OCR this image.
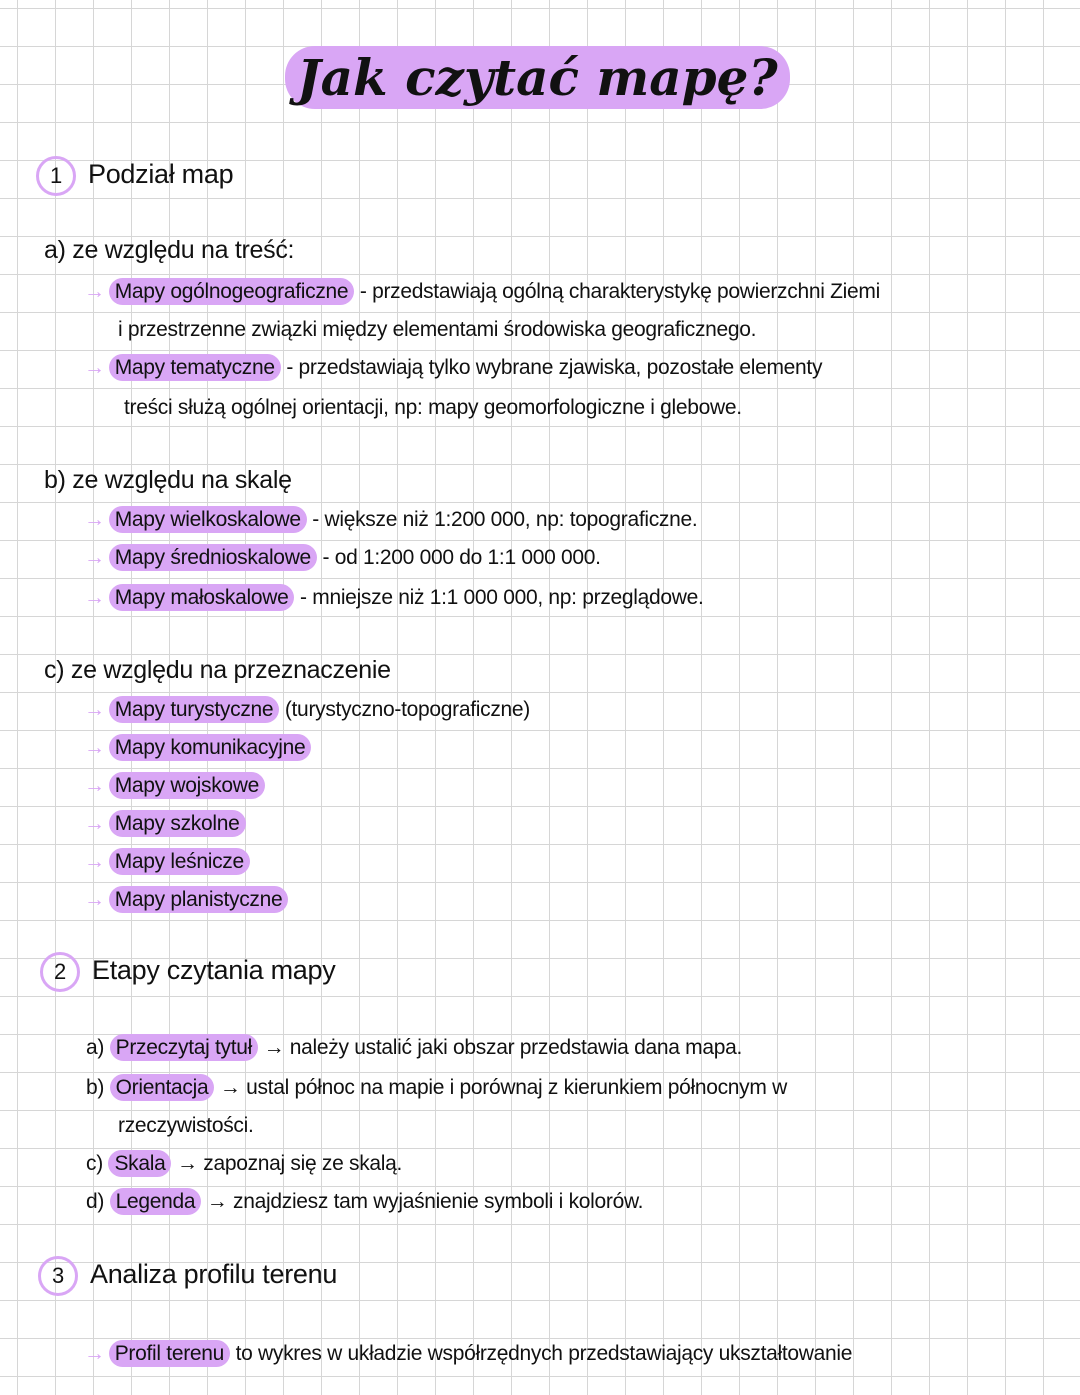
Jak czytać mapę?
1 Podział map
a) ze względu na treść:
→ Mapy ogólnogeograficzne - przedstawiają ogólną charakterystykę powierzchni Ziemi
i przestrzenne związki między elementami środowiska geograficznego.
→ Mapy tematyczne - przedstawiają tylko wybrane zjawiska, pozostałe elementy
treści służą ogólnej orientacji, np: mapy geomorfologiczne i glebowe.
b) ze względu na skalę
→ Mapy wielkoskalowe - większe niż 1:200 000, np: topograficzne.
→ Mapy średnioskalowe - od 1:200 000 do 1:1 000 000.
→ Mapy małoskalowe - mniejsze niż 1:1 000 000, np: przeglądowe.
c) ze względu na przeznaczenie
→ Mapy turystyczne (turystyczno-topograficzne)
→ Mapy komunikacyjne
→ Mapy wojskowe
→ Mapy szkolne
→ Mapy leśnicze
→ Mapy planistyczne
2 Etapy czytania mapy
a) Przeczytaj tytuł → należy ustalić jaki obszar przedstawia dana mapa.
b) Orientacja → ustal północ na mapie i porównaj z kierunkiem północnym w
rzeczywistości.
c) Skala → zapoznaj się ze skalą.
d) Legenda → znajdziesz tam wyjaśnienie symboli i kolorów.
3 Analiza profilu terenu
→ Profil terenu to wykres w układzie współrzędnych przedstawiający ukształtowanie
